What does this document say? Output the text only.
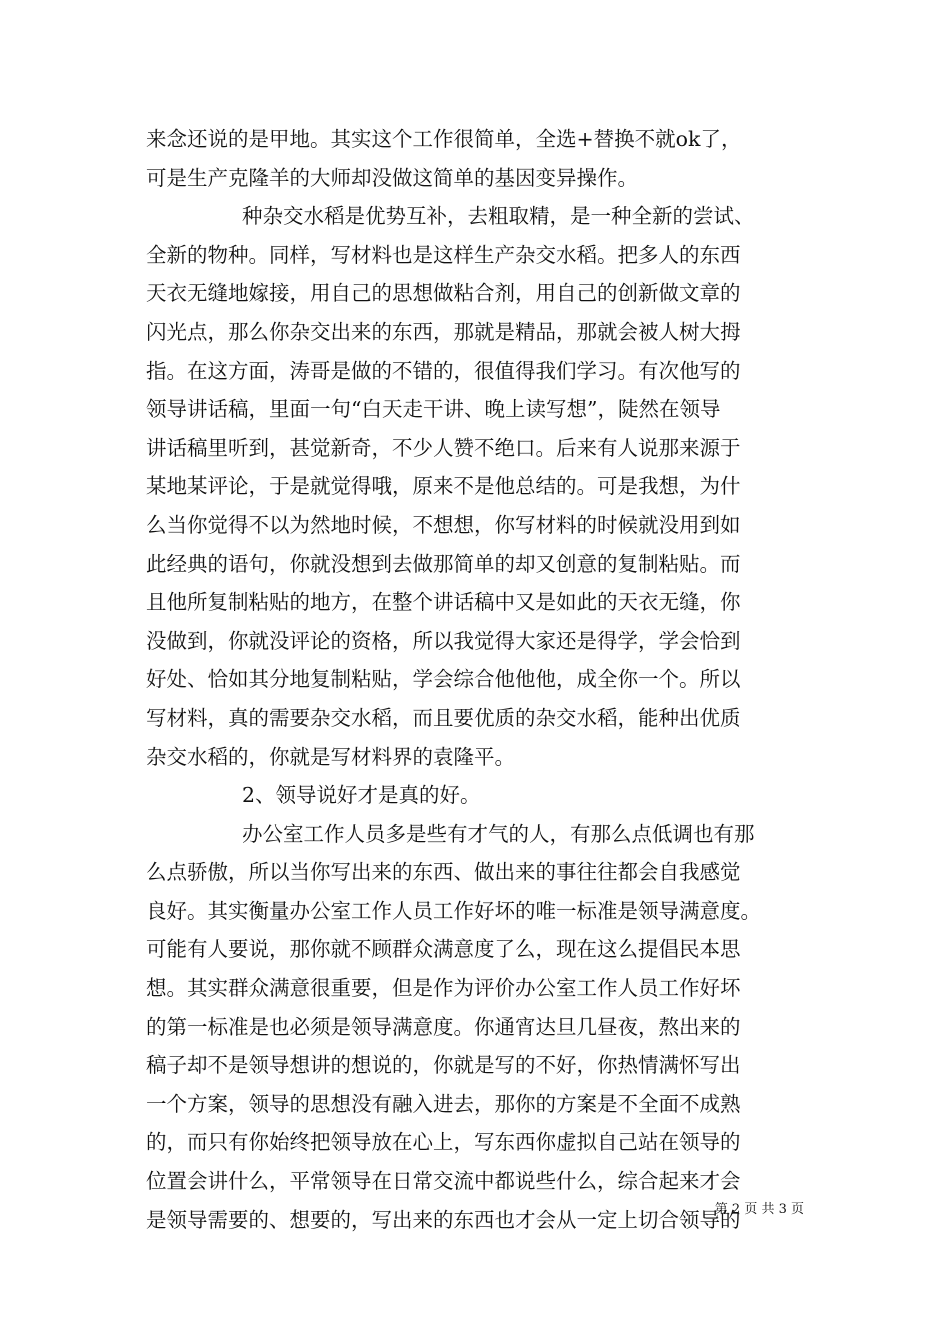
来念还说的是甲地。其实这个工作很简单，全选+替换不就ok了，
可是生产克隆羊的大师却没做这简单的基因变异操作。
种杂交水稻是优势互补，去粗取精，是一种全新的尝试、
全新的物种。同样，写材料也是这样生产杂交水稻。把多人的东西
天衣无缝地嫁接，用自己的思想做粘合剂，用自己的创新做文章的
闪光点，那么你杂交出来的东西，那就是精品，那就会被人树大拇
指。在这方面，涛哥是做的不错的，很值得我们学习。有次他写的
领导讲话稿，里面一句“白天走干讲、晚上读写想”，陡然在领导
讲话稿里听到，甚觉新奇，不少人赞不绝口。后来有人说那来源于
某地某评论，于是就觉得哦，原来不是他总结的。可是我想，为什
么当你觉得不以为然地时候，不想想，你写材料的时候就没用到如
此经典的语句，你就没想到去做那简单的却又创意的复制粘贴。而
且他所复制粘贴的地方，在整个讲话稿中又是如此的天衣无缝，你
没做到，你就没评论的资格，所以我觉得大家还是得学，学会恰到
好处、恰如其分地复制粘贴，学会综合他他他，成全你一个。所以
写材料，真的需要杂交水稻，而且要优质的杂交水稻，能种出优质
杂交水稻的，你就是写材料界的袁隆平。
2、领导说好才是真的好。
办公室工作人员多是些有才气的人，有那么点低调也有那
么点骄傲，所以当你写出来的东西、做出来的事往往都会自我感觉
良好。其实衡量办公室工作人员工作好坏的唯一标准是领导满意度。
可能有人要说，那你就不顾群众满意度了么，现在这么提倡民本思
想。其实群众满意很重要，但是作为评价办公室工作人员工作好坏
的第一标准是也必须是领导满意度。你通宵达旦几昼夜，熬出来的
稿子却不是领导想讲的想说的，你就是写的不好，你热情满怀写出
一个方案，领导的思想没有融入进去，那你的方案是不全面不成熟
的，而只有你始终把领导放在心上，写东西你虚拟自己站在领导的
位置会讲什么，平常领导在日常交流中都说些什么，综合起来才会
是领导需要的、想要的，写出来的东西也才会从一定上切合领导的
第 2 页 共 3 页
